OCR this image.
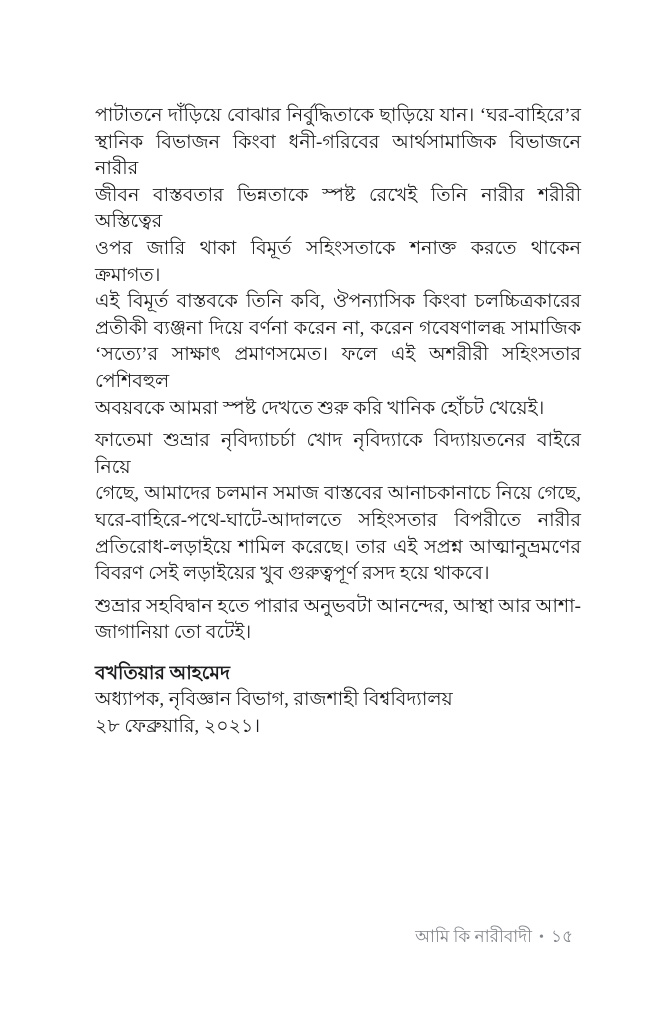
পাটাতনে দাঁড়িয়ে বোঝার নির্বুদ্ধিতাকে ছাড়িয়ে যান। ‘ঘর-বাহিরে’র
স্থানিক বিভাজন কিংবা ধনী-গরিবের আর্থসামাজিক বিভাজনে নারীর
জীবন বাস্তবতার ভিন্নতাকে স্পষ্ট রেখেই তিনি নারীর শরীরী অস্তিত্বের
ওপর জারি থাকা বিমূর্ত সহিংসতাকে শনাক্ত করতে থাকেন ক্রমাগত।
এই বিমূর্ত বাস্তবকে তিনি কবি, ঔপন্যাসিক কিংবা চলচ্চিত্রকারের
প্রতীকী ব্যঞ্জনা দিয়ে বর্ণনা করেন না, করেন গবেষণালব্ধ সামাজিক
‘সত্যে’র সাক্ষাৎ প্রমাণসমেত। ফলে এই অশরীরী সহিংসতার পেশিবহুল
অবয়বকে আমরা স্পষ্ট দেখতে শুরু করি খানিক হোঁচট খেয়েই।
ফাতেমা শুভ্রার নৃবিদ্যাচর্চা খোদ নৃবিদ্যাকে বিদ্যায়তনের বাইরে নিয়ে
গেছে, আমাদের চলমান সমাজ বাস্তবের আনাচকানাচে নিয়ে গেছে,
ঘরে-বাহিরে-পথে-ঘাটে-আদালতে সহিংসতার বিপরীতে নারীর
প্রতিরোধ-লড়াইয়ে শামিল করেছে। তার এই সপ্রশ্ন আত্মানুভ্রমণের
বিবরণ সেই লড়াইয়ের খুব গুরুত্বপূর্ণ রসদ হয়ে থাকবে।
শুভ্রার সহবিদ্বান হতে পারার অনুভবটা আনন্দের, আস্থা আর আশা-
জাগানিয়া তো বটেই।
বখতিয়ার আহমেদ
অধ্যাপক, নৃবিজ্ঞান বিভাগ, রাজশাহী বিশ্ববিদ্যালয়
২৮ ফেব্রুয়ারি, ২০২১।
আমি কি নারীবাদী • ১৫
